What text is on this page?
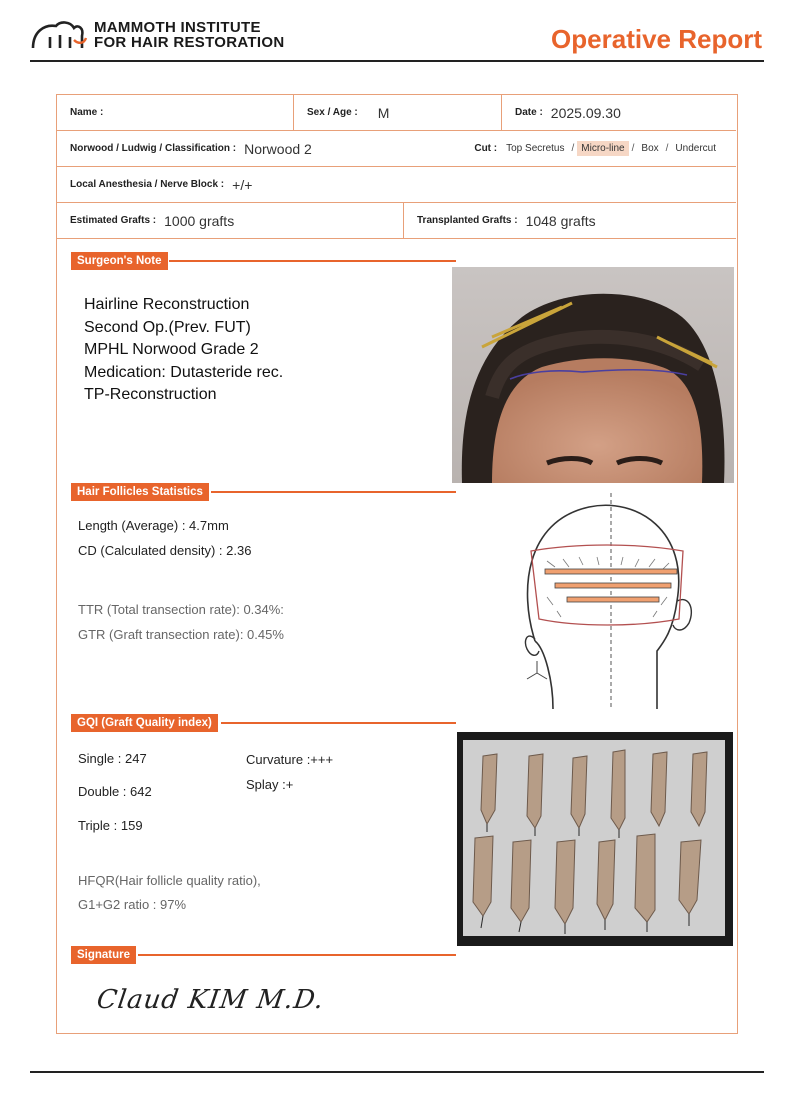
MAMMOTH INSTITUTE
FOR HAIR RESTORATION	Operative Report
Name :	Sex / Age : M	Date : 2025.09.30
Norwood / Ludwig / Classification : Norwood 2	Cut : Top Secretus / Micro-line / Box / Undercut
Local Anesthesia / Nerve Block : +/+
Estimated Grafts : 1000 grafts	Transplanted Grafts : 1048 grafts
Surgeon's Note
Hairline Reconstruction
Second Op.(Prev. FUT)
MPHL Norwood Grade 2
Medication: Dutasteride rec.
TP-Reconstruction
Hair Follicles Statistics
Length (Average) : 4.7mm
CD (Calculated density) : 2.36
TTR (Total transection rate): 0.34%:
GTR (Graft transection rate): 0.45%
GQI (Graft Quality index)
Single : 247
Double : 642
Triple : 159
Curvature :+++
Splay :+
HFQR(Hair follicle quality ratio),
G1+G2 ratio : 97%
Signature
Claud KIM M.D.
